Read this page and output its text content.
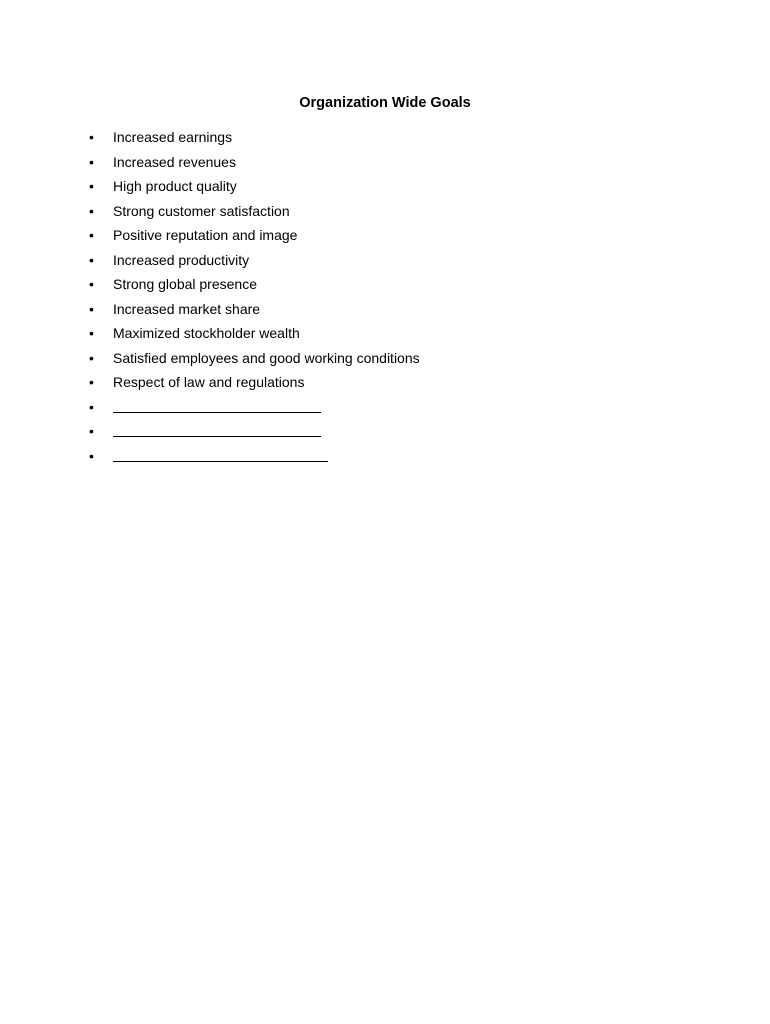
Organization Wide Goals
•	Increased earnings
•	Increased revenues
•	High product quality
•	Strong customer satisfaction
•	Positive reputation and image
•	Increased productivity
•	Strong global presence
•	Increased market share
•	Maximized stockholder wealth
•	Satisfied employees and good working conditions
•	Respect of law and regulations
•
•
•
